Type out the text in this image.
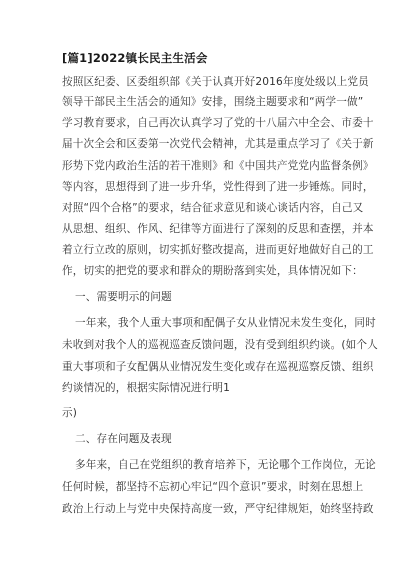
[篇1]2022镇长民主生活会
按照区纪委、区委组织部《关于认真开好2016年度处级以上党员
领导干部民主生活会的通知》安排，围绕主题要求和“两学一做”
学习教育要求，自己再次认真学习了党的十八届六中全会、市委十
届十次全会和区委第一次党代会精神，尤其是重点学习了《关于新
形势下党内政治生活的若干准则》和《中国共产党党内监督条例》
等内容，思想得到了进一步升华，党性得到了进一步锤炼。同时，
对照“四个合格”的要求，结合征求意见和谈心谈话内容，自己又
从思想、组织、作风、纪律等方面进行了深刻的反思和查摆，并本
着立行立改的原则，切实抓好整改提高，进而更好地做好自己的工
作，切实的把党的要求和群众的期盼落到实处，具体情况如下：
一、需要明示的问题
一年来，我个人重大事项和配偶子女从业情况未发生变化，同时
未收到对我个人的巡视巡查反馈问题，没有受到组织约谈。(如个人
重大事项和子女配偶从业情况发生变化或存在巡视巡察反馈、组织
约谈情况的，根据实际情况进行明1
示)
二、存在问题及表现
多年来，自己在党组织的教育培养下，无论哪个工作岗位，无论
任何时候，都坚持不忘初心牢记“四个意识”要求，时刻在思想上
政治上行动上与党中央保持高度一致，严守纪律规矩，始终坚持政
